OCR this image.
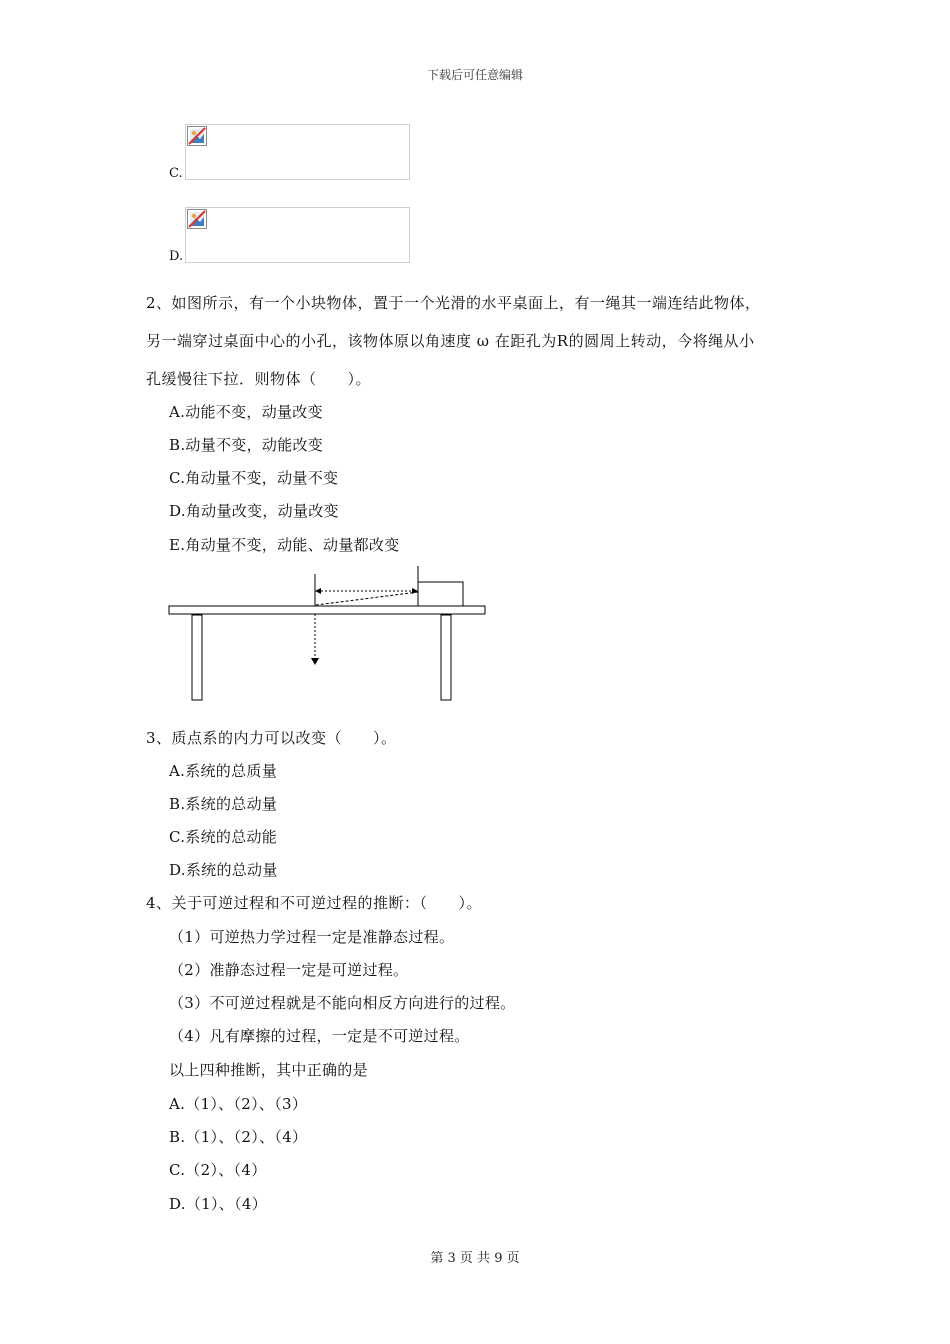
下载后可任意编辑
C.
D.
2、如图所示，有一个小块物体，置于一个光滑的水平桌面上，有一绳其一端连结此物体，
另一端穿过桌面中心的小孔，该物体原以角速度 ω 在距孔为R的圆周上转动，今将绳从小
孔缓慢往下拉．则物体（　　）。
A.动能不变，动量改变
B.动量不变，动能改变
C.角动量不变，动量不变
D.角动量改变，动量改变
E.角动量不变，动能、动量都改变
3、质点系的内力可以改变（　　）。
A.系统的总质量
B.系统的总动量
C.系统的总动能
D.系统的总动量
4、关于可逆过程和不可逆过程的推断：（　　）。
（1）可逆热力学过程一定是准静态过程。
（2）准静态过程一定是可逆过程。
（3）不可逆过程就是不能向相反方向进行的过程。
（4）凡有摩擦的过程，一定是不可逆过程。
以上四种推断，其中正确的是
A.（1）、（2）、（3）
B.（1）、（2）、（4）
C.（2）、（4）
D.（1）、（4）
第 3 页 共 9 页
